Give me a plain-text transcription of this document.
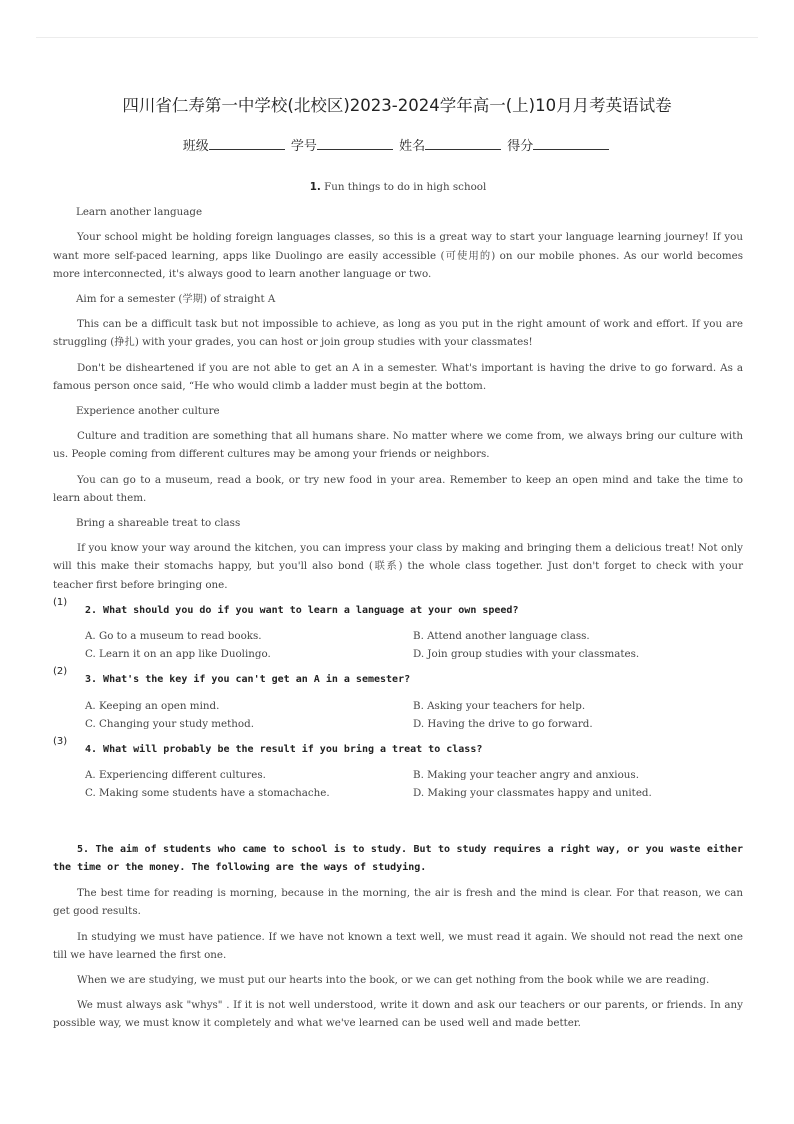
四川省仁寿第一中学校(北校区)2023-2024学年高一(上)10月月考英语试卷
班级	学号	姓名	得分
1. Fun things to do in high school
Learn another language

Your school might be holding foreign languages classes, so this is a great way to start your language learning journey! If you want more self-paced learning, apps like Duolingo are easily accessible (可使用的) on our mobile phones. As our world becomes more interconnected, it's always good to learn another language or two.

Aim for a semester (学期) of straight A

This can be a difficult task but not impossible to achieve, as long as you put in the right amount of work and effort. If you are struggling (挣扎) with your grades, you can host or join group studies with your classmates!

Don't be disheartened if you are not able to get an A in a semester. What's important is having the drive to go forward. As a famous person once said, “He who would climb a ladder must begin at the bottom.

Experience another culture

Culture and tradition are something that all humans share. No matter where we come from, we always bring our culture with us. People coming from different cultures may be among your friends or neighbors.

You can go to a museum, read a book, or try new food in your area. Remember to keep an open mind and take the time to learn about them.

Bring a shareable treat to class

If you know your way around the kitchen, you can impress your class by making and bringing them a delicious treat! Not only will this make their stomachs happy, but you'll also bond (联系) the whole class together. Just don't forget to check with your teacher first before bringing one.

(1)
2. What should you do if you want to learn a language at your own speed?
A. Go to a museum to read books.	B. Attend another language class.
C. Learn it on an app like Duolingo.	D. Join group studies with your classmates.
(2)
3. What's the key if you can't get an A in a semester?
A. Keeping an open mind.	B. Asking your teachers for help.
C. Changing your study method.	D. Having the drive to go forward.
(3)
4. What will probably be the result if you bring a treat to class?
A. Experiencing different cultures.	B. Making your teacher angry and anxious.
C. Making some students have a stomachache.	D. Making your classmates happy and united.

5. The aim of students who came to school is to study. But to study requires a right way, or you waste either the time or the money. The following are the ways of studying.

The best time for reading is morning, because in the morning, the air is fresh and the mind is clear. For that reason, we can get good results.

In studying we must have patience. If we have not known a text well, we must read it again. We should not read the next one till we have learned the first one.

When we are studying, we must put our hearts into the book, or we can get nothing from the book while we are reading.

We must always ask "whys" . If it is not well understood, write it down and ask our teachers or our parents, or friends. In any possible way, we must know it completely and what we've learned can be used well and made better.
